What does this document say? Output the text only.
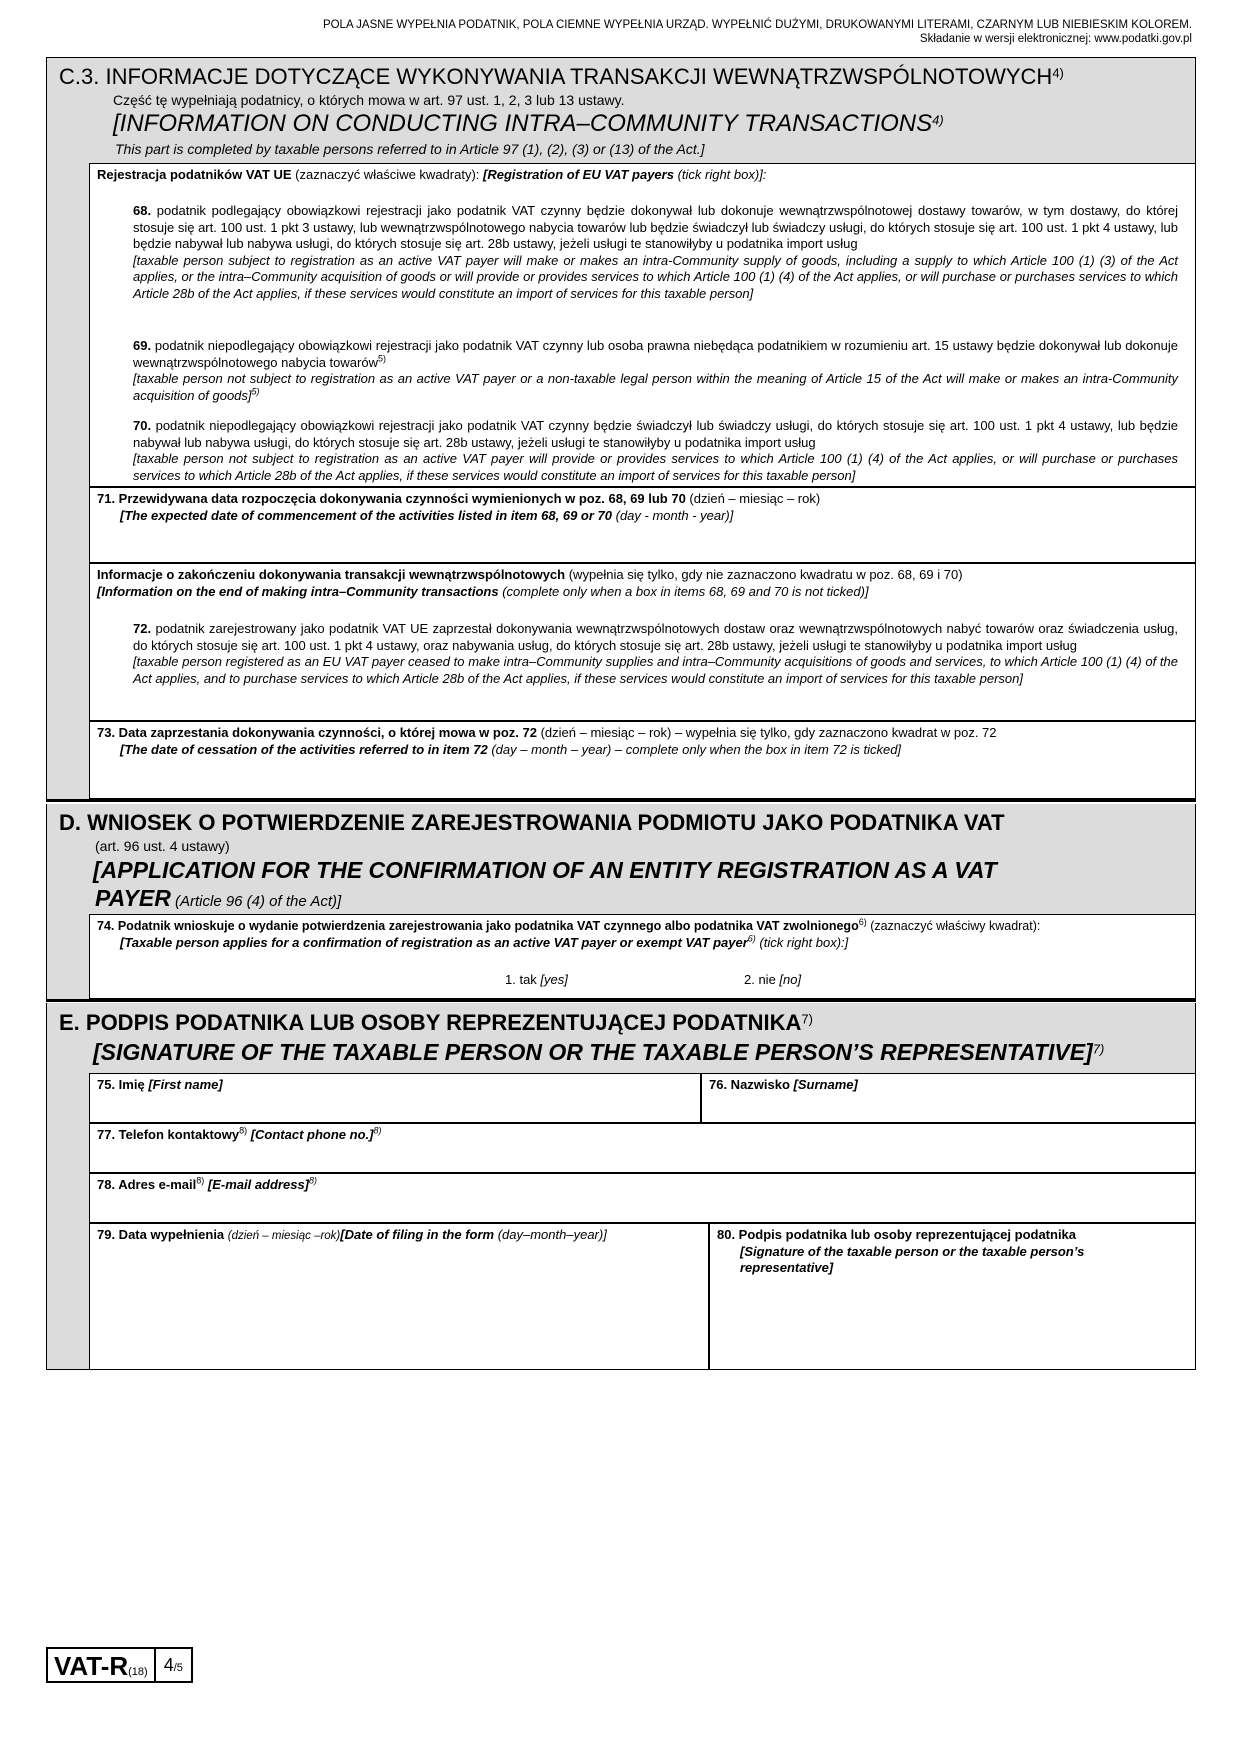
POLA JASNE WYPEŁNIA PODATNIK, POLA CIEMNE WYPEŁNIA URZĄD. WYPEŁNIĆ DUŻYMI, DRUKOWANYMI LITERAMI, CZARNYM LUB NIEBIESKIM KOLOREM.
Składanie w wersji elektronicznej: www.podatki.gov.pl
C.3. INFORMACJE DOTYCZĄCE WYKONYWANIA TRANSAKCJI WEWNĄTRZWSPÓLNOTOWYCH$^{4)}$
Część tę wypełniają podatnicy, o których mowa w art. 97 ust. 1, 2, 3 lub 13 ustawy.
[INFORMATION ON CONDUCTING INTRA–COMMUNITY TRANSACTIONS$^{4)}$
This part is completed by taxable persons referred to in Article 97 (1), (2), (3) or (13) of the Act.]
Rejestracja podatników VAT UE (zaznaczyć właściwe kwadraty): [Registration of EU VAT payers (tick right box)]:
68. podatnik podlegający obowiązkowi rejestracji jako podatnik VAT czynny będzie dokonywał lub dokonuje wewnątrzwspólnotowej dostawy towarów, w tym dostawy, do której stosuje się art. 100 ust. 1 pkt 3 ustawy, lub wewnątrzwspólnotowego nabycia towarów lub będzie świadczył lub świadczy usługi, do których stosuje się art. 100 ust. 1 pkt 4 ustawy, lub będzie nabywał lub nabywa usługi, do których stosuje się art. 28b ustawy, jeżeli usługi te stanowiłyby u podatnika import usług
[taxable person subject to registration as an active VAT payer will make or makes an intra-Community supply of goods, including a supply to which Article 100 (1) (3) of the Act applies, or the intra–Community acquisition of goods or will provide or provides services to which Article 100 (1) (4) of the Act applies, or will purchase or purchases services to which Article 28b of the Act applies, if these services would constitute an import of services for this taxable person]
69. podatnik niepodlegający obowiązkowi rejestracji jako podatnik VAT czynny lub osoba prawna niebędąca podatnikiem w rozumieniu art. 15 ustawy będzie dokonywał lub dokonuje wewnątrzwspólnotowego nabycia towarów$^{5)}$
[taxable person not subject to registration as an active VAT payer or a non-taxable legal person within the meaning of Article 15 of the Act will make or makes an intra-Community acquisition of goods]$^{5)}$
70. podatnik niepodlegający obowiązkowi rejestracji jako podatnik VAT czynny będzie świadczył lub świadczy usługi, do których stosuje się art. 100 ust. 1 pkt 4 ustawy, lub będzie nabywał lub nabywa usługi, do których stosuje się art. 28b ustawy, jeżeli usługi te stanowiłyby u podatnika import usług
[taxable person not subject to registration as an active VAT payer will provide or provides services to which Article 100 (1) (4) of the Act applies, or will purchase or purchases services to which Article 28b of the Act applies, if these services would constitute an import of services for this taxable person]
71. Przewidywana data rozpoczęcia dokonywania czynności wymienionych w poz. 68, 69 lub 70 (dzień – miesiąc – rok)
[The expected date of commencement of the activities listed in item 68, 69 or 70 (day - month - year)]
Informacje o zakończeniu dokonywania transakcji wewnątrzwspólnotowych (wypełnia się tylko, gdy nie zaznaczono kwadratu w poz. 68, 69 i 70)
[Information on the end of making intra–Community transactions (complete only when a box in items 68, 69 and 70 is not ticked)]
72. podatnik zarejestrowany jako podatnik VAT UE zaprzestał dokonywania wewnątrzwspólnotowych dostaw oraz wewnątrzwspólnotowych nabyć towarów oraz świadczenia usług, do których stosuje się art. 100 ust. 1 pkt 4 ustawy, oraz nabywania usług, do których stosuje się art. 28b ustawy, jeżeli usługi te stanowiłyby u podatnika import usług
[taxable person registered as an EU VAT payer ceased to make intra–Community supplies and intra–Community acquisitions of goods and services, to which Article 100 (1) (4) of the Act applies, and to purchase services to which Article 28b of the Act applies, if these services would constitute an import of services for this taxable person]
73. Data zaprzestania dokonywania czynności, o której mowa w poz. 72 (dzień – miesiąc – rok) – wypełnia się tylko, gdy zaznaczono kwadrat w poz. 72
[The date of cessation of the activities referred to in item 72 (day – month – year) – complete only when the box in item 72 is ticked]
D. WNIOSEK O POTWIERDZENIE ZAREJESTROWANIA PODMIOTU JAKO PODATNIKA VAT
(art. 96 ust. 4 ustawy)
[APPLICATION FOR THE CONFIRMATION OF AN ENTITY REGISTRATION AS A VAT
PAYER (Article 96 (4) of the Act)]
74. Podatnik wnioskuje o wydanie potwierdzenia zarejestrowania jako podatnika VAT czynnego albo podatnika VAT zwolnionego$^{6)}$ (zaznaczyć właściwy kwadrat):
[Taxable person applies for a confirmation of registration as an active VAT payer or exempt VAT payer$^{6)}$ (tick right box):]
1. tak [yes]	2. nie [no]
E. PODPIS PODATNIKA LUB OSOBY REPREZENTUJĄCEJ PODATNIKA$^{7)}$
[SIGNATURE OF THE TAXABLE PERSON OR THE TAXABLE PERSON’S REPRESENTATIVE]$^{7)}$
75. Imię [First name]	76. Nazwisko [Surname]
77. Telefon kontaktowy$^{8)}$ [Contact phone no.]$^{8)}$
78. Adres e-mail$^{8)}$ [E-mail address]$^{8)}$
79. Data wypełnienia (dzień – miesiąc –rok)[Date of filing in the form (day–month–year)]	80. Podpis podatnika lub osoby reprezentującej podatnika
[Signature of the taxable person or the taxable person’s representative]
VAT-R(18) 4/5
